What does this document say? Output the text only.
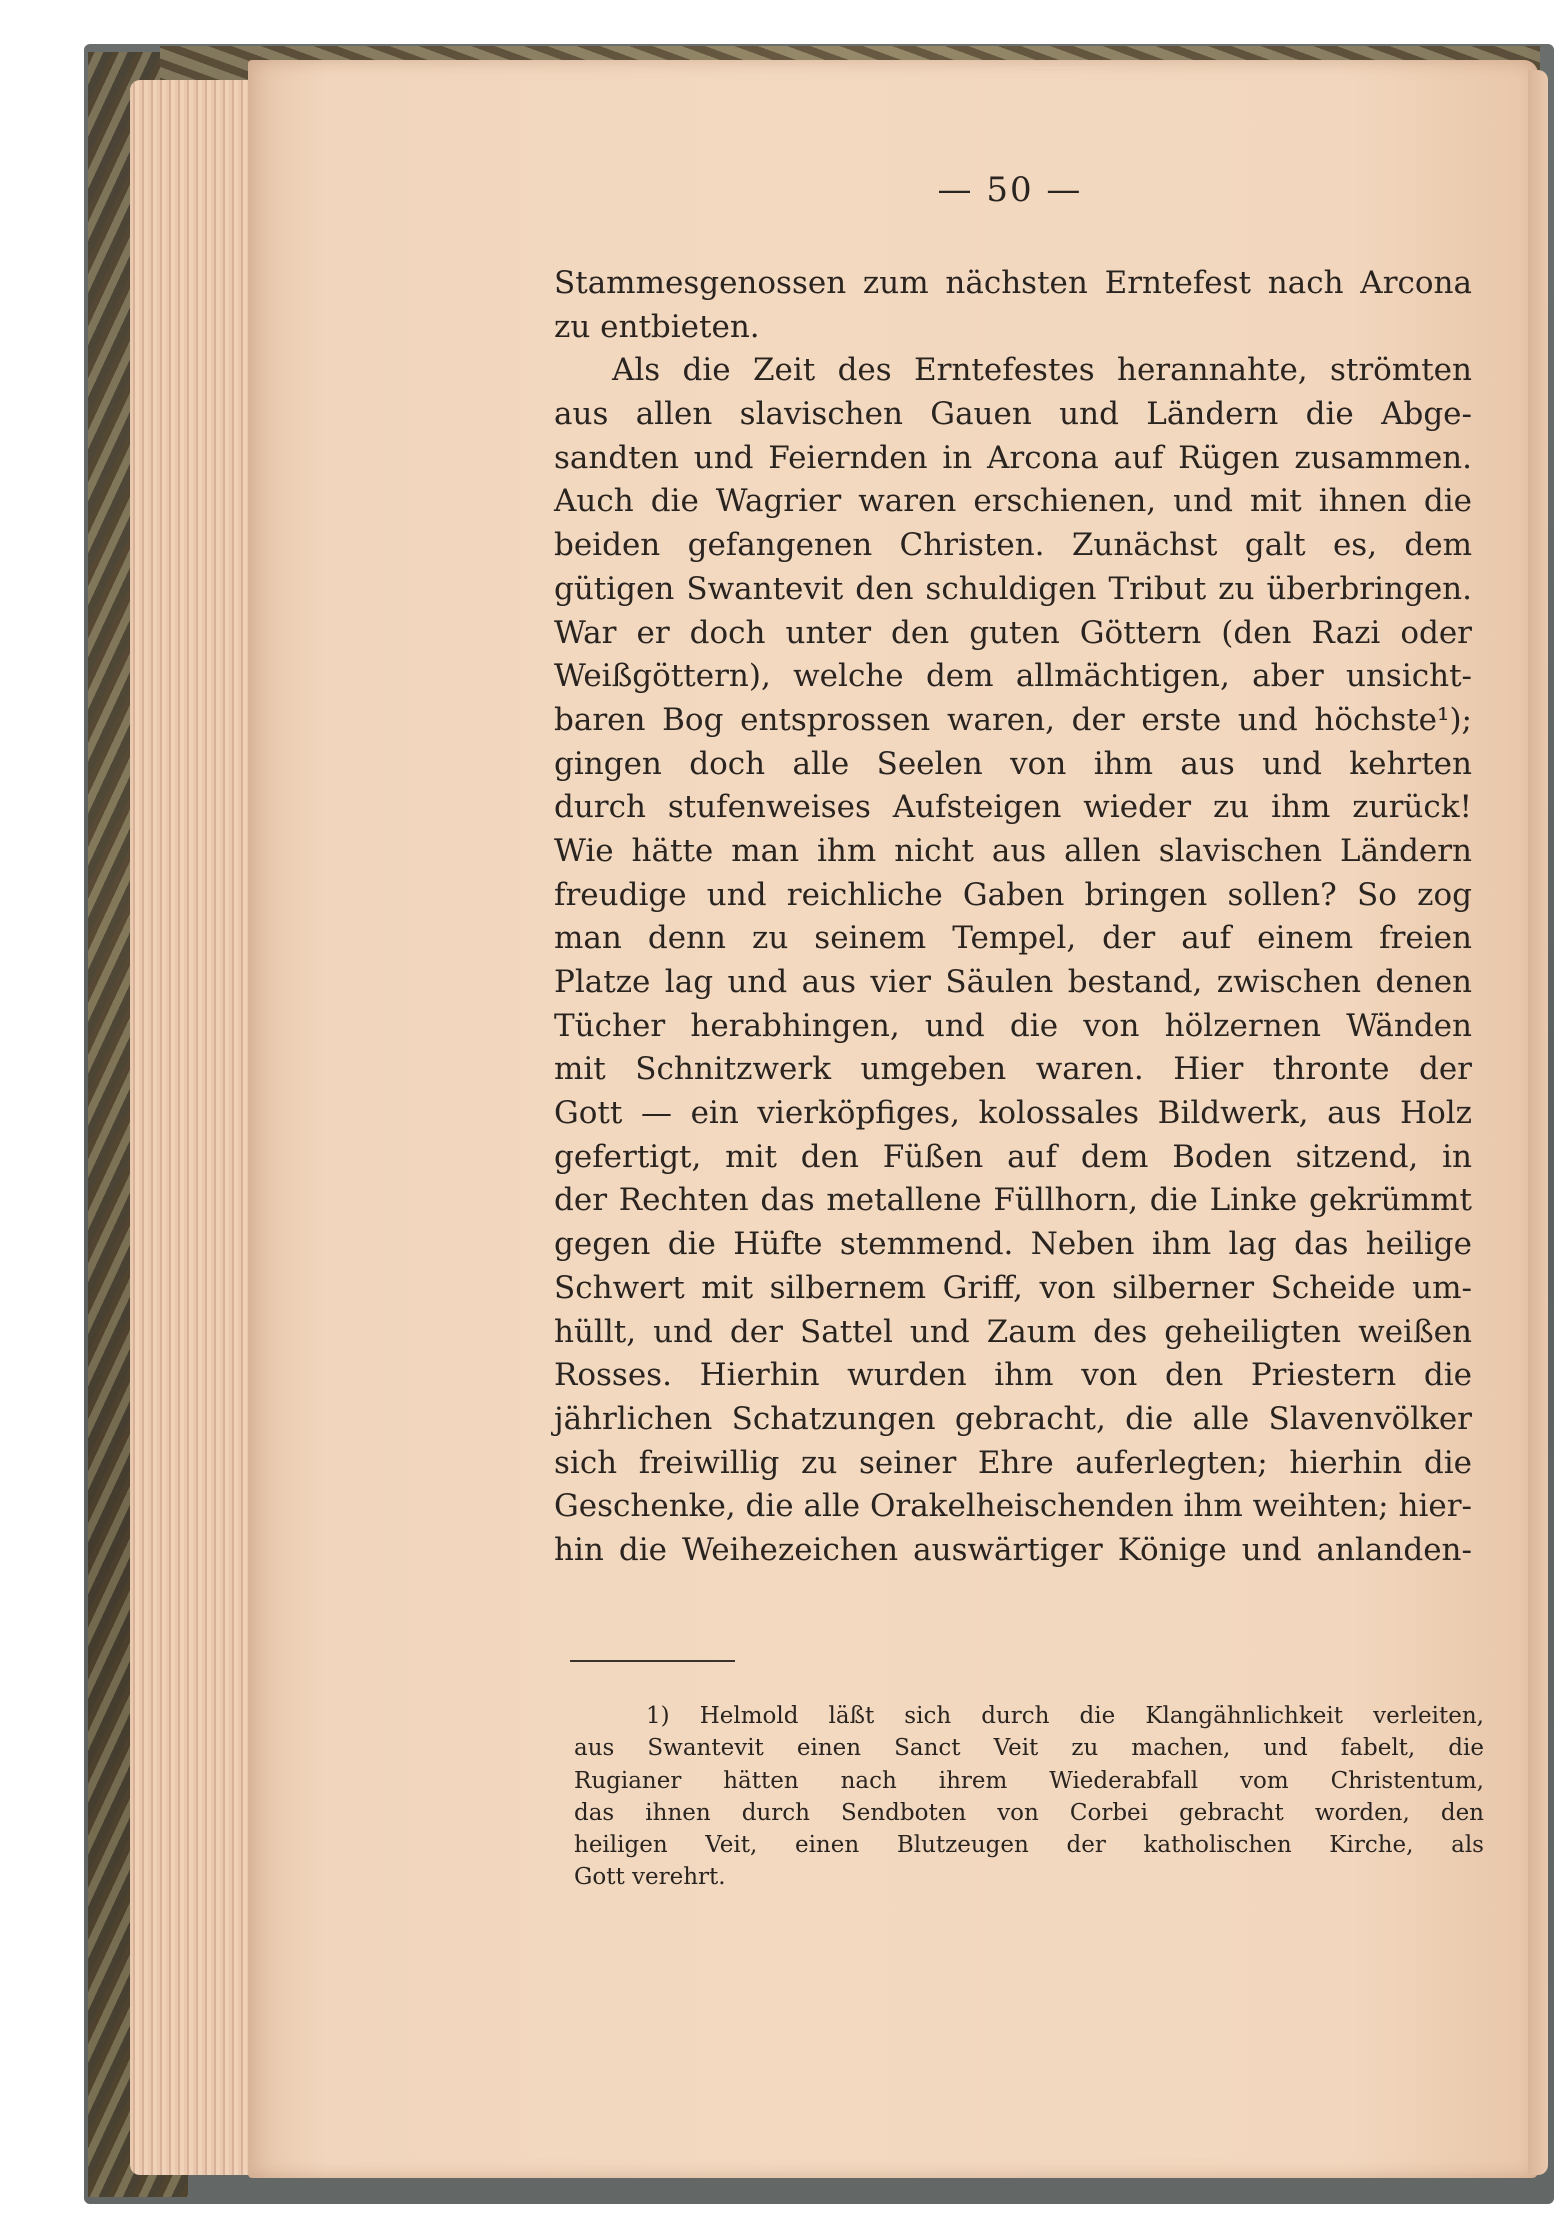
— 50 —
Stammesgenossen zum nächsten Erntefest nach Arcona
zu entbieten.
Als die Zeit des Erntefestes herannahte, strömten
aus allen slavischen Gauen und Ländern die Abge-
sandten und Feiernden in Arcona auf Rügen zusammen.
Auch die Wagrier waren erschienen, und mit ihnen die
beiden gefangenen Christen. Zunächst galt es, dem
gütigen Swantevit den schuldigen Tribut zu überbringen.
War er doch unter den guten Göttern (den Razi oder
Weißgöttern), welche dem allmächtigen, aber unsicht-
baren Bog entsprossen waren, der erste und höchste¹);
gingen doch alle Seelen von ihm aus und kehrten
durch stufenweises Aufsteigen wieder zu ihm zurück!
Wie hätte man ihm nicht aus allen slavischen Ländern
freudige und reichliche Gaben bringen sollen? So zog
man denn zu seinem Tempel, der auf einem freien
Platze lag und aus vier Säulen bestand, zwischen denen
Tücher herabhingen, und die von hölzernen Wänden
mit Schnitzwerk umgeben waren. Hier thronte der
Gott — ein vierköpfiges, kolossales Bildwerk, aus Holz
gefertigt, mit den Füßen auf dem Boden sitzend, in
der Rechten das metallene Füllhorn, die Linke gekrümmt
gegen die Hüfte stemmend. Neben ihm lag das heilige
Schwert mit silbernem Griff, von silberner Scheide um-
hüllt, und der Sattel und Zaum des geheiligten weißen
Rosses. Hierhin wurden ihm von den Priestern die
jährlichen Schatzungen gebracht, die alle Slavenvölker
sich freiwillig zu seiner Ehre auferlegten; hierhin die
Geschenke, die alle Orakelheischenden ihm weihten; hier-
hin die Weihezeichen auswärtiger Könige und anlanden-
1) Helmold läßt sich durch die Klangähnlichkeit verleiten,
aus Swantevit einen Sanct Veit zu machen, und fabelt, die
Rugianer hätten nach ihrem Wiederabfall vom Christentum,
das ihnen durch Sendboten von Corbei gebracht worden, den
heiligen Veit, einen Blutzeugen der katholischen Kirche, als
Gott verehrt.
